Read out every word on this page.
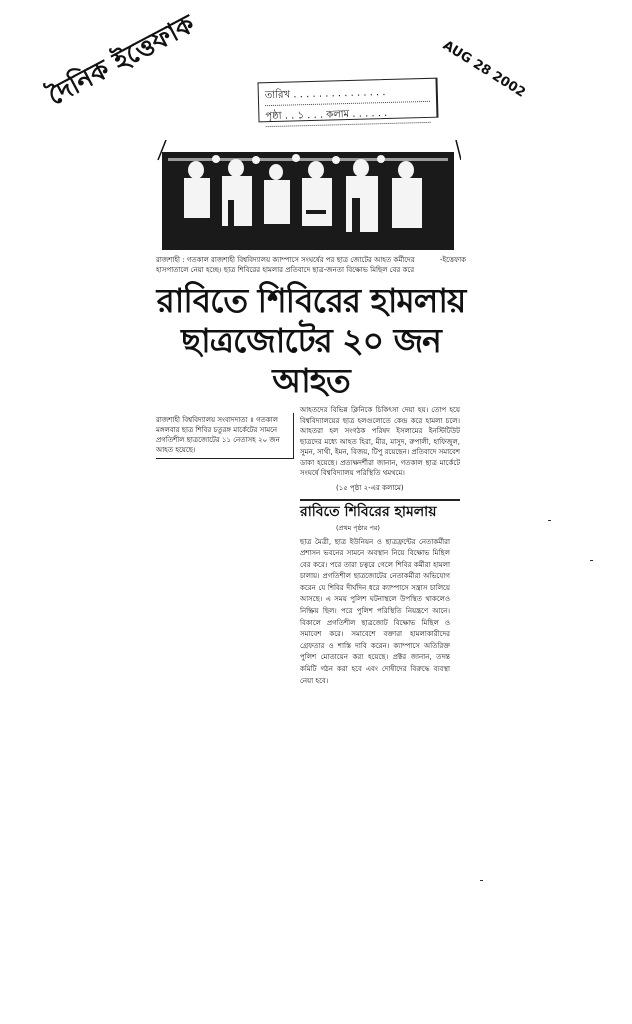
দৈনিক ইত্তেফাক	AUG 28 2002
তারিখ . . . . . . . . . . . . . . .
পৃষ্ঠা . . ১ . . . কলাম . . . . . .
-ইত্তেফাক
রাজশাহী : গতকাল রাজশাহী বিশ্ববিদ্যালয় ক্যাম্পাসে সংঘর্ষের পর ছাত্র জোটের আহত কর্মীদের হাসপাতালে নেয়া হচ্ছে। ছাত্র শিবিরের হামলার প্রতিবাদে ছাত্র-জনতা বিক্ষোভ মিছিল বের করে
রাবিতে শিবিরের হামলায়
ছাত্রজোটের ২০ জন আহত
রাজশাহী বিশ্ববিদ্যালয় সংবাদদাতা ॥ গতকাল মঙ্গলবার ছাত্র শিবির চতুরঙ্গ মার্কেটের সামনে প্রগতিশীল ছাত্রজোটের ১১ নেতাসহ ২০ জন আহত হয়েছে।
আহতদের বিভিন্ন ক্লিনিকে চিকিৎসা দেয়া হয়। তোপ হয়ে বিশ্ববিদ্যালয়ের ছাত্র হলগুলোতে কেন্দ্র করে হামলা চলে। আহতরা হল সংগঠক পরিষদ ইসলামের ইনস্টিটিউট ছাত্রদের মধ্যে আহত হিরা, মীর, মাসুদ, রুপালী, হাফিজুল, সুমন, সাথী, ইমন, বিজয়, টিপু রয়েছেন। প্রতিবাদে সমাবেশ ডাকা হয়েছে। প্রত্যক্ষদর্শীরা জানান, গতকাল ছাত্র মার্কেটে সংঘর্ষে বিশ্ববিদ্যালয় পরিস্থিতি থমথমে।
(১৫ পৃষ্ঠা ২-এর কলামে)
রাবিতে শিবিরের হামলায়
(প্রথম পৃষ্ঠার পর)
ছাত্র মৈত্রী, ছাত্র ইউনিয়ন ও ছাত্রফ্রন্টের নেতাকর্মীরা প্রশাসন ভবনের সামনে অবস্থান নিয়ে বিক্ষোভ মিছিল বের করে। পরে তারা চত্বরে গেলে শিবির কর্মীরা হামলা চালায়। প্রগতিশীল ছাত্রজোটের নেতাকর্মীরা অভিযোগ করেন যে শিবির দীর্ঘদিন ধরে ক্যাম্পাসে সন্ত্রাস চালিয়ে আসছে। এ সময় পুলিশ ঘটনাস্থলে উপস্থিত থাকলেও নিষ্ক্রিয় ছিল। পরে পুলিশ পরিস্থিতি নিয়ন্ত্রণে আনে। বিকালে প্রগতিশীল ছাত্রজোট বিক্ষোভ মিছিল ও সমাবেশ করে। সমাবেশে বক্তারা হামলাকারীদের গ্রেফতার ও শাস্তি দাবি করেন। ক্যাম্পাসে অতিরিক্ত পুলিশ মোতায়েন করা হয়েছে। প্রক্টর জানান, তদন্ত কমিটি গঠন করা হবে এবং দোষীদের বিরুদ্ধে ব্যবস্থা নেয়া হবে।
